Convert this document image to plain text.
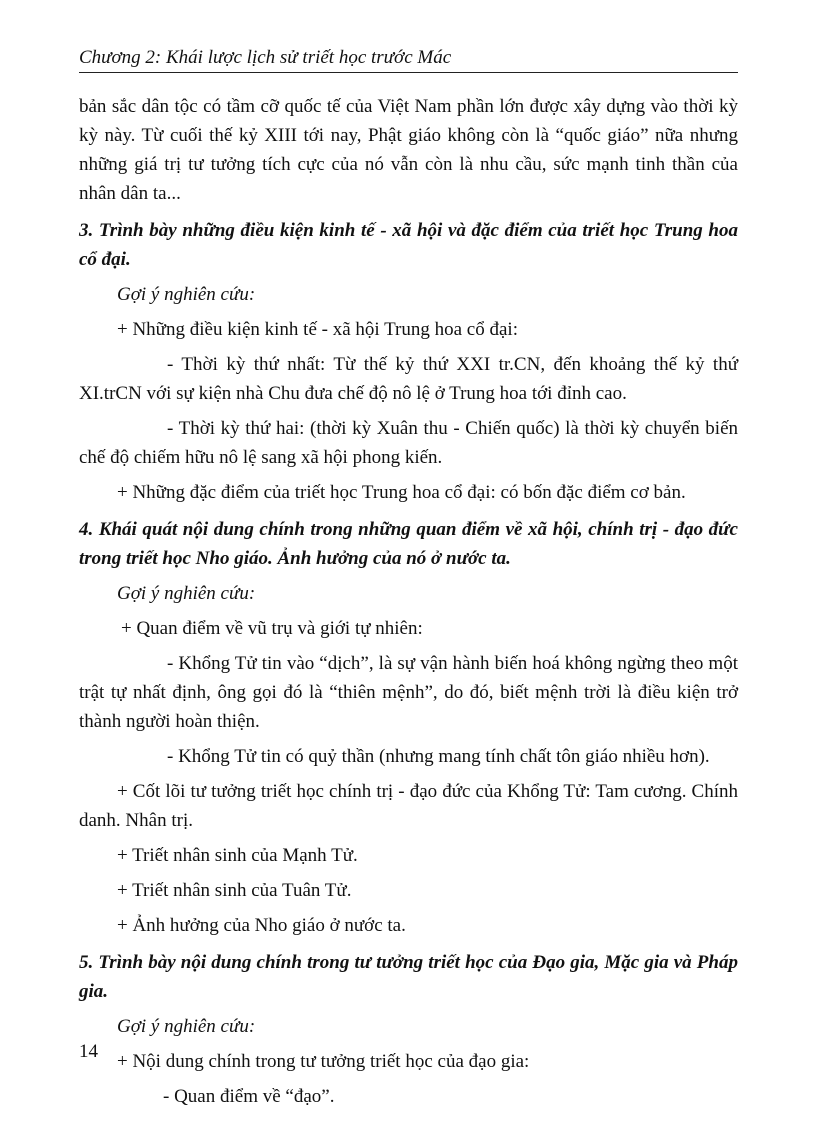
Chương 2: Khái lược lịch sử triết học trước Mác

bản sắc dân tộc có tầm cỡ quốc tế của Việt Nam phần lớn được xây dựng vào thời kỳ kỳ này. Từ cuối thế kỷ XIII tới nay, Phật giáo không còn là “quốc giáo” nữa nhưng những giá trị tư tưởng tích cực của nó vẫn còn là nhu cầu, sức mạnh tinh thần của nhân dân ta...

3. Trình bày những điều kiện kinh tế - xã hội và đặc điểm của triết học Trung hoa cổ đại.

Gợi ý nghiên cứu:

+ Những điều kiện kinh tế - xã hội Trung hoa cổ đại:

- Thời kỳ thứ nhất: Từ thế kỷ thứ XXI tr.CN, đến khoảng thế kỷ thứ XI.trCN với sự kiện nhà Chu đưa chế độ nô lệ ở Trung hoa tới đỉnh cao.

- Thời kỳ thứ hai: (thời kỳ Xuân thu - Chiến quốc) là thời kỳ chuyển biến chế độ chiếm hữu nô lệ sang xã hội phong kiến.

+ Những đặc điểm của triết học Trung hoa cổ đại: có bốn đặc điểm cơ bản.

4. Khái quát nội dung chính trong những quan điểm về xã hội, chính trị - đạo đức trong triết học Nho giáo. Ảnh hưởng của nó ở nước ta.

Gợi ý nghiên cứu:

+ Quan điểm về vũ trụ và giới tự nhiên:

- Khổng Tử tin vào “dịch”, là sự vận hành biến hoá không ngừng theo một trật tự nhất định, ông gọi đó là “thiên mệnh”, do đó, biết mệnh trời là điều kiện trở thành người hoàn thiện.

- Khổng Tử tin có quỷ thần (nhưng mang tính chất tôn giáo nhiều hơn).

+ Cốt lõi tư tưởng triết học chính trị - đạo đức của Khổng Tử: Tam cương. Chính danh. Nhân trị.

+ Triết nhân sinh của Mạnh Tử.

+ Triết nhân sinh của Tuân Tử.

+ Ảnh hưởng của Nho giáo ở nước ta.

5. Trình bày nội dung chính trong tư tưởng triết học của Đạo gia, Mặc gia và Pháp gia.

Gợi ý nghiên cứu:

+ Nội dung chính trong tư tưởng triết học của đạo gia:

- Quan điểm về “đạo”.

14
